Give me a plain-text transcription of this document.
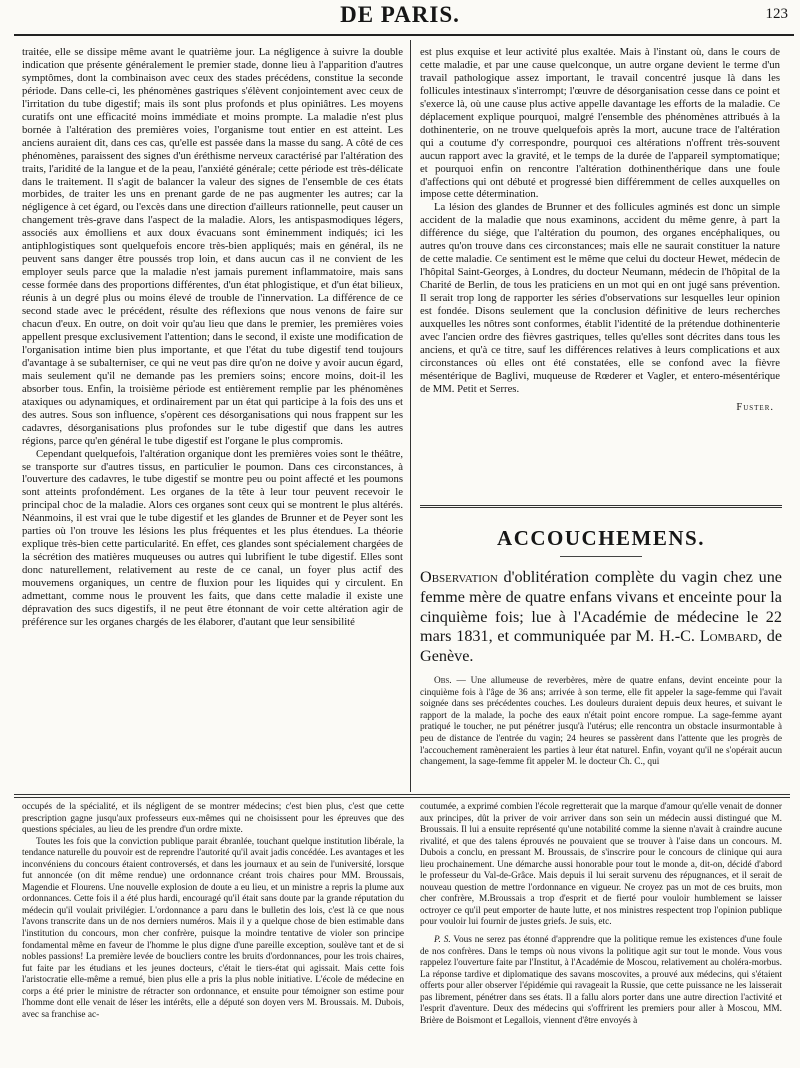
DE PARIS.	123

traitée, elle se dissipe même avant le quatrième jour. La négligence à suivre la double indication que présente généralement le premier stade, donne lieu à l'apparition d'autres symptômes, dont la combinaison avec ceux des stades précédens, constitue la seconde période. Dans celle-ci, les phénomènes gastriques s'élèvent conjointement avec ceux de l'irritation du tube digestif; mais ils sont plus profonds et plus opiniâtres. Les moyens curatifs ont une efficacité moins immédiate et moins prompte. La maladie n'est plus bornée à l'altération des premières voies, l'organisme tout entier en est atteint. Les anciens auraient dit, dans ces cas, qu'elle est passée dans la masse du sang. A côté de ces phénomènes, paraissent des signes d'un éréthisme nerveux caractérisé par l'altération des traits, l'aridité de la langue et de la peau, l'anxiété générale; cette période est très-délicate dans le traitement. Il s'agit de balancer la valeur des signes de l'ensemble de ces états morbides, de traiter les uns en prenant garde de ne pas augmenter les autres; car la négligence à cet égard, ou l'excès dans une direction d'ailleurs rationnelle, peut causer un changement très-grave dans l'aspect de la maladie. Alors, les antispasmodiques légers, associés aux émolliens et aux doux évacuans sont éminemment indiqués; ici les antiphlogistiques sont quelquefois encore très-bien appliqués; mais en général, ils ne peuvent sans danger être poussés trop loin, et dans aucun cas il ne convient de les employer seuls parce que la maladie n'est jamais purement inflammatoire, mais sans cesse formée dans des proportions différentes, d'un état phlogistique, et d'un état bilieux, réunis à un degré plus ou moins élevé de trouble de l'innervation. La différence de ce second stade avec le précédent, résulte des réflexions que nous venons de faire sur chacun d'eux. En outre, on doit voir qu'au lieu que dans le premier, les premières voies appellent presque exclusivement l'attention; dans le second, il existe une modification de l'organisation intime bien plus importante, et que l'état du tube digestif tend toujours d'avantage à se subalterniser, ce qui ne veut pas dire qu'on ne doive y avoir aucun égard, mais seulement qu'il ne demande pas les premiers soins; encore moins, doit-il les absorber tous. Enfin, la troisième période est entièrement remplie par les phénomènes ataxiques ou adynamiques, et ordinairement par un état qui participe à la fois des uns et des autres. Sous son influence, s'opèrent ces désorganisations qui nous frappent sur les cadavres, désorganisations plus profondes sur le tube digestif que dans les autres régions, parce qu'en général le tube digestif est l'organe le plus compromis.

Cependant quelquefois, l'altération organique dont les premières voies sont le théâtre, se transporte sur d'autres tissus, en particulier le poumon. Dans ces circonstances, à l'ouverture des cadavres, le tube digestif se montre peu ou point affecté et les poumons sont atteints profondément. Les organes de la tête à leur tour peuvent recevoir le principal choc de la maladie. Alors ces organes sont ceux qui se montrent le plus altérés. Néanmoins, il est vrai que le tube digestif et les glandes de Brunner et de Peyer sont les parties où l'on trouve les lésions les plus fréquentes et les plus étendues. La théorie explique très-bien cette particularité. En effet, ces glandes sont spécialement chargées de la sécrétion des matières muqueuses ou autres qui lubrifient le tube digestif. Elles sont donc naturellement, relativement au reste de ce canal, un foyer plus actif des mouvemens organiques, un centre de fluxion pour les liquides qui y circulent. En admettant, comme nous le prouvent les faits, que dans cette maladie il existe une dépravation des sucs digestifs, il ne peut être étonnant de voir cette altération agir de préférence sur les organes chargés de les élaborer, d'autant que leur sensibilité

est plus exquise et leur activité plus exaltée. Mais à l'instant où, dans le cours de cette maladie, et par une cause quelconque, un autre organe devient le terme d'un travail pathologique assez important, le travail concentré jusque là dans les follicules intestinaux s'interrompt; l'œuvre de désorganisation cesse dans ce point et s'exerce là, où une cause plus active appelle davantage les efforts de la maladie. Ce déplacement explique pourquoi, malgré l'ensemble des phénomènes attribués à la dothinenterie, on ne trouve quelquefois après la mort, aucune trace de l'altération qui a coutume d'y correspondre, pourquoi ces altérations n'offrent très-souvent aucun rapport avec la gravité, et le temps de la durée de l'appareil symptomatique; et pourquoi enfin on rencontre l'altération dothinenthérique dans une foule d'affections qui ont débuté et progressé bien différemment de celles auxquelles on impose cette détermination.

La lésion des glandes de Brunner et des follicules agminés est donc un simple accident de la maladie que nous examinons, accident du même genre, à part la différence du siége, que l'altération du poumon, des organes encéphaliques, ou autres qu'on trouve dans ces circonstances; mais elle ne saurait constituer la nature de cette maladie. Ce sentiment est le même que celui du docteur Hewet, médecin de l'hôpital Saint-Georges, à Londres, du docteur Neumann, médecin de l'hôpital de la Charité de Berlin, de tous les praticiens en un mot qui en ont jugé sans prévention. Il serait trop long de rapporter les séries d'observations sur lesquelles leur opinion est fondée. Disons seulement que la conclusion définitive de leurs recherches auxquelles les nôtres sont conformes, établit l'identité de la prétendue dothinenterie avec l'ancien ordre des fièvres gastriques, telles qu'elles sont décrites dans tous les anciens, et qu'à ce titre, sauf les différences relatives à leurs complications et aux circonstances où elles ont été constatées, elle se confond avec la fièvre mésentérique de Baglivi, muqueuse de Rœderer et Vagler, et entero-mésentérique de MM. Petit et Serres.

Fuster.
ACCOUCHEMENS.
Observation d'oblitération complète du vagin chez une femme mère de quatre enfans vivans et enceinte pour la cinquième fois; lue à l'Académie de médecine le 22 mars 1831, et communiquée par M. H.-C. Lombard, de Genève.

Obs. — Une allumeuse de reverbères, mère de quatre enfans, devint enceinte pour la cinquième fois à l'âge de 36 ans; arrivée à son terme, elle fit appeler la sage-femme qui l'avait soignée dans ses précédentes couches. Les douleurs duraient depuis deux heures, et suivant le rapport de la malade, la poche des eaux n'était point encore rompue. La sage-femme ayant pratiqué le toucher, ne put pénétrer jusqu'à l'utérus; elle rencontra un obstacle insurmontable à peu de distance de l'entrée du vagin; 24 heures se passèrent dans l'attente que les progrès de l'accouchement ramèneraient les parties à leur état naturel. Enfin, voyant qu'il ne s'opérait aucun changement, la sage-femme fit appeler M. le docteur Ch. C., qui

occupés de la spécialité, et ils négligent de se montrer médecins; c'est bien plus, c'est que cette prescription gagne jusqu'aux professeurs eux-mêmes qui ne choisissent pour les épreuves que des questions spéciales, au lieu de les prendre d'un ordre mixte.

Toutes les fois que la conviction publique parait ébranlée, touchant quelque institution libérale, la tendance naturelle du pouvoir est de reprendre l'autorité qu'il avait jadis concédée. Les avantages et les inconvéniens du concours étaient controversés, et dans les journaux et au sein de l'université, lorsque fut annoncée (on dit même rendue) une ordonnance créant trois chaires pour MM. Broussais, Magendie et Flourens. Une nouvelle explosion de doute a eu lieu, et un ministre a repris la plume aux ordonnances. Cette fois il a été plus hardi, encouragé qu'il était sans doute par la grande réputation du médecin qu'il voulait privilégier. L'ordonnance a paru dans le bulletin des lois, c'est là ce que nous l'avons transcrite dans un de nos derniers numéros. Mais il y a quelque chose de bien estimable dans l'institution du concours, mon cher confrère, puisque la moindre tentative de violer son principe fondamental même en faveur de l'homme le plus digne d'une pareille exception, soulève tant et de si nobles passions! La première levée de boucliers contre les bruits d'ordonnances, pour les trois chaires, fut faite par les étudians et les jeunes docteurs, c'était le tiers-état qui agissait. Mais cette fois l'aristocratie elle-même a remué, bien plus elle a pris la plus noble initiative. L'école de médecine en corps a été prier le ministre de rétracter son ordonnance, et ensuite pour témoigner son estime pour l'homme dont elle venait de léser les intérêts, elle a député son doyen vers M. Broussais. M. Dubois, avec sa franchise ac-

coutumée, a exprimé combien l'école regretterait que la marque d'amour qu'elle venait de donner aux principes, dût la priver de voir arriver dans son sein un médecin aussi distingué que M. Broussais. Il lui a ensuite représenté qu'une notabilité comme la sienne n'avait à craindre aucune rivalité, et que des talens éprouvés ne pouvaient que se trouver à l'aise dans un concours. M. Dubois a conclu, en pressant M. Broussais, de s'inscrire pour le concours de clinique qui aura lieu prochainement. Une démarche aussi honorable pour tout le monde a, dit-on, décidé d'abord le professeur du Val-de-Grâce. Mais depuis il lui serait survenu des répugnances, et il serait de nouveau question de mettre l'ordonnance en vigueur. Ne croyez pas un mot de ces bruits, mon cher confrère, M.Broussais a trop d'esprit et de fierté pour vouloir humblement se laisser octroyer ce qu'il peut emporter de haute lutte, et nos ministres respectent trop l'opinion publique pour vouloir lui fournir de justes griefs. Je suis, etc.

P. S. Vous ne serez pas étonné d'apprendre que la politique remue les existences d'une foule de nos confrères. Dans le temps où nous vivons la politique agit sur tout le monde. Vous vous rappelez l'ouverture faite par l'Institut, à l'Académie de Moscou, relativement au choléra-morbus. La réponse tardive et diplomatique des savans moscovites, a prouvé aux médecins, qui s'étaient offerts pour aller observer l'épidémie qui ravageait la Russie, que cette puissance ne les laisserait pas librement, pénétrer dans ses états. Il a fallu alors porter dans une autre direction l'activité et l'esprit d'aventure. Deux des médecins qui s'offrirent les premiers pour aller à Moscou, MM. Brière de Boismont et Legallois, viennent d'être envoyés à
